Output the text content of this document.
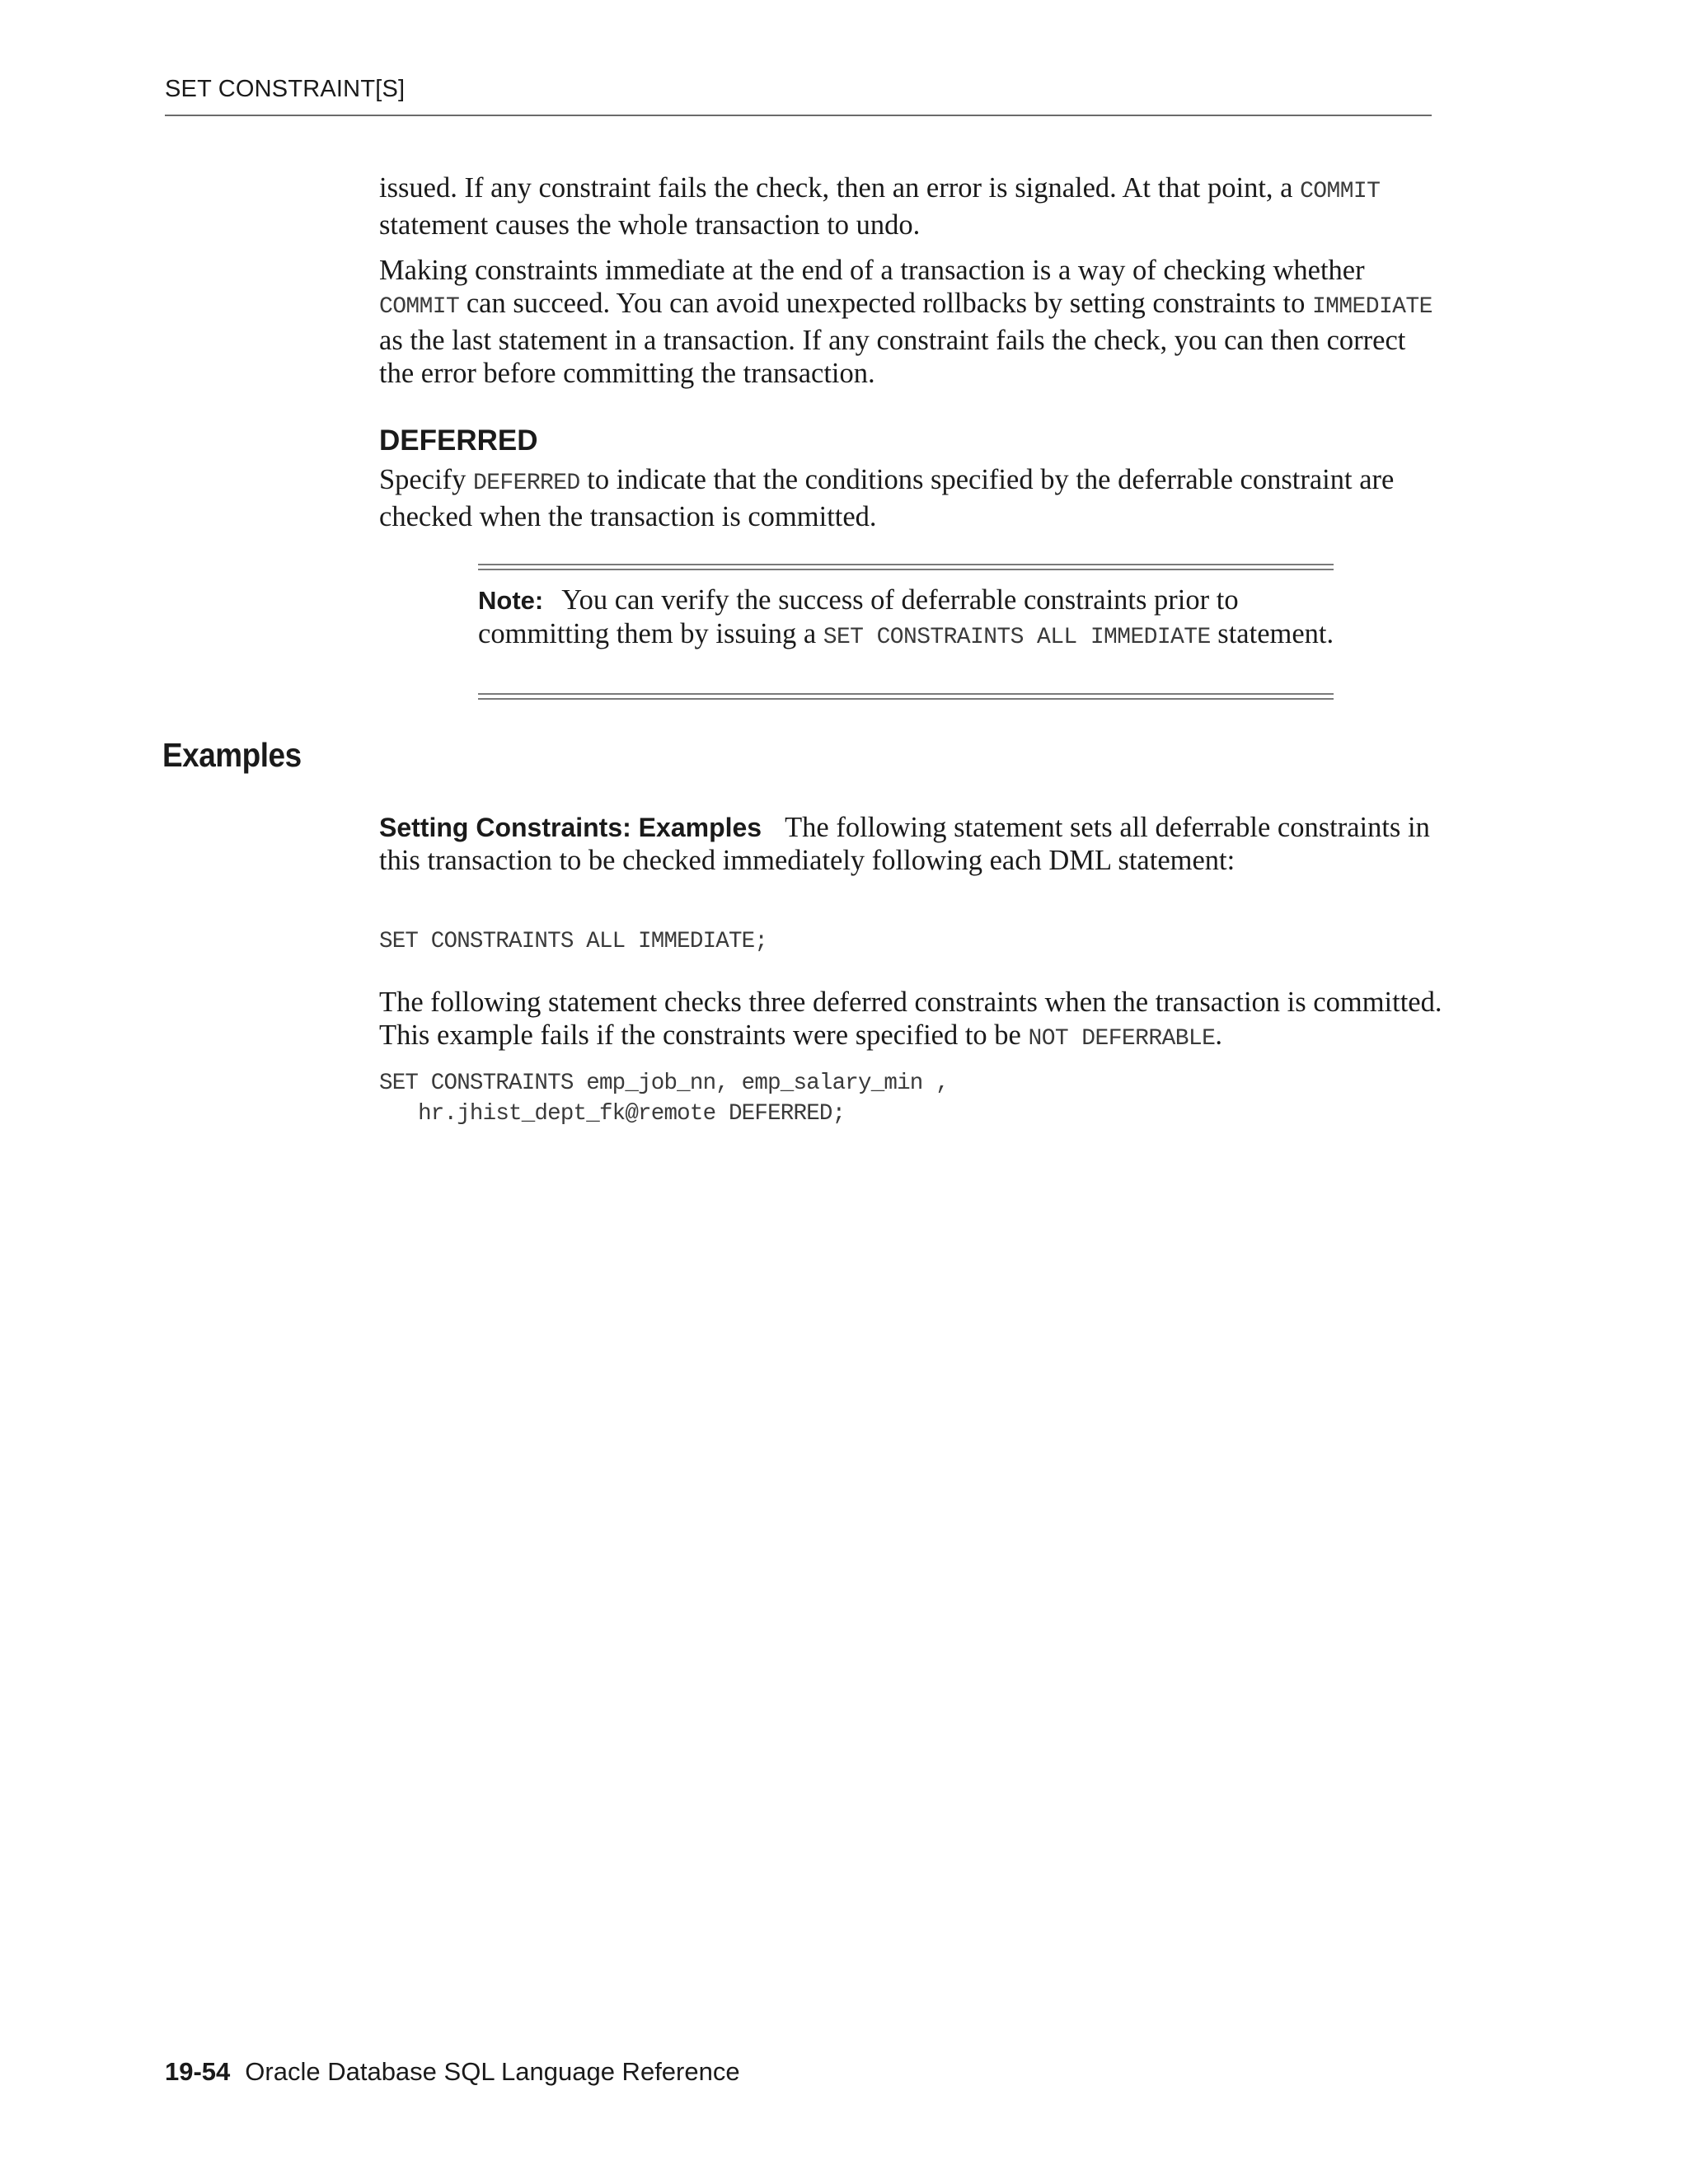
SET CONSTRAINT[S]

issued. If any constraint fails the check, then an error is signaled. At that point, a COMMIT statement causes the whole transaction to undo.

Making constraints immediate at the end of a transaction is a way of checking whether COMMIT can succeed. You can avoid unexpected rollbacks by setting constraints to IMMEDIATE as the last statement in a transaction. If any constraint fails the check, you can then correct the error before committing the transaction.

DEFERRED

Specify DEFERRED to indicate that the conditions specified by the deferrable constraint are checked when the transaction is committed.

Note: You can verify the success of deferrable constraints prior to committing them by issuing a SET CONSTRAINTS ALL IMMEDIATE statement.

Examples

Setting Constraints: Examples The following statement sets all deferrable constraints in this transaction to be checked immediately following each DML statement:

SET CONSTRAINTS ALL IMMEDIATE;

The following statement checks three deferred constraints when the transaction is committed. This example fails if the constraints were specified to be NOT DEFERRABLE.

SET CONSTRAINTS emp_job_nn, emp_salary_min ,
hr.jhist_dept_fk@remote DEFERRED;
19-54 Oracle Database SQL Language Reference
